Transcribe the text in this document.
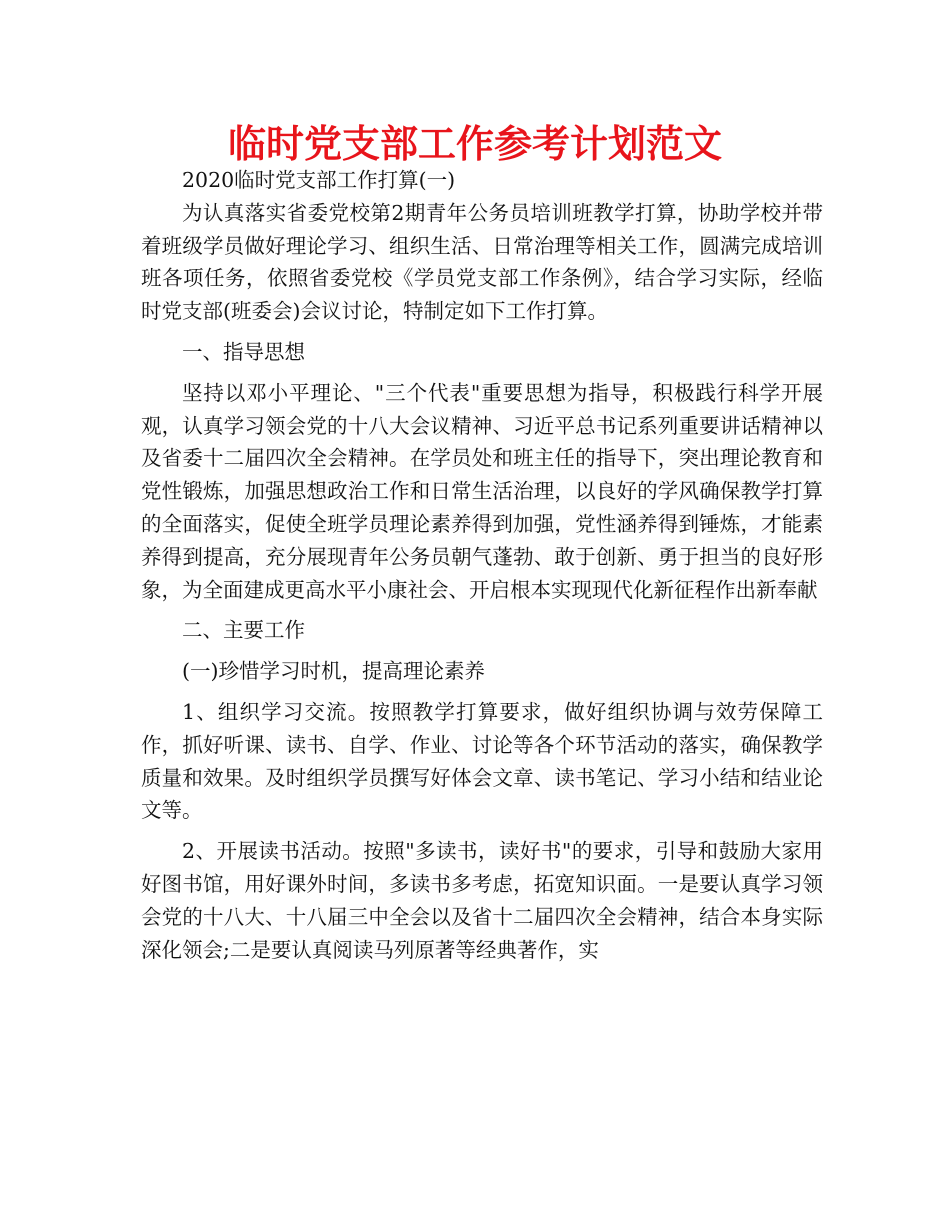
临时党支部工作参考计划范文

2020临时党支部工作打算(一)

为认真落实省委党校第2期青年公务员培训班教学打算，协助学校并带着班级学员做好理论学习、组织生活、日常治理等相关工作，圆满完成培训班各项任务，依照省委党校《学员党支部工作条例》，结合学习实际，经临时党支部(班委会)会议讨论，特制定如下工作打算。

一、指导思想

坚持以邓小平理论、"三个代表"重要思想为指导，积极践行科学开展观，认真学习领会党的十八大会议精神、习近平总书记系列重要讲话精神以及省委十二届四次全会精神。在学员处和班主任的指导下，突出理论教育和党性锻炼，加强思想政治工作和日常生活治理，以良好的学风确保教学打算的全面落实，促使全班学员理论素养得到加强，党性涵养得到锤炼，才能素养得到提高，充分展现青年公务员朝气蓬勃、敢于创新、勇于担当的良好形象，为全面建成更高水平小康社会、开启根本实现现代化新征程作出新奉献

二、主要工作

(一)珍惜学习时机，提高理论素养

1、组织学习交流。按照教学打算要求，做好组织协调与效劳保障工作，抓好听课、读书、自学、作业、讨论等各个环节活动的落实，确保教学质量和效果。及时组织学员撰写好体会文章、读书笔记、学习小结和结业论文等。

2、开展读书活动。按照"多读书，读好书"的要求，引导和鼓励大家用好图书馆，用好课外时间，多读书多考虑，拓宽知识面。一是要认真学习领会党的十八大、十八届三中全会以及省十二届四次全会精神，结合本身实际深化领会;二是要认真阅读马列原著等经典著作，实
